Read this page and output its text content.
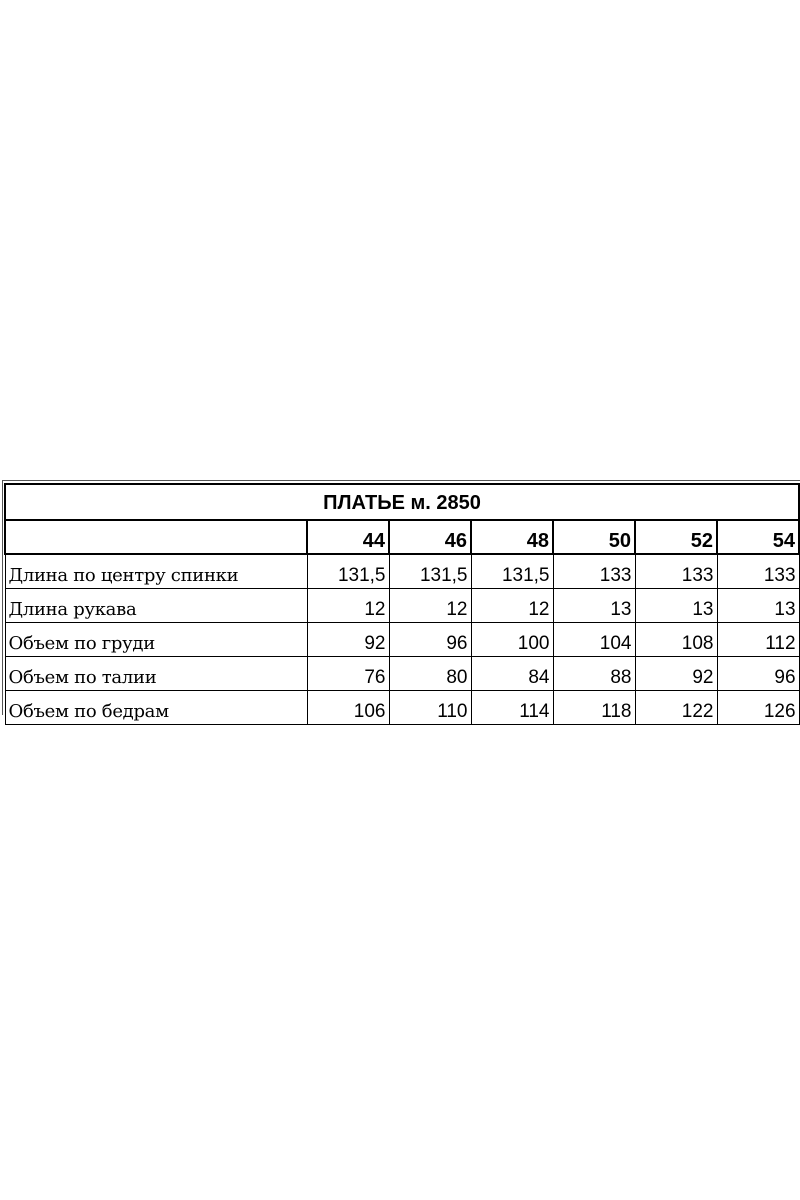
ПЛАТЬЕ м. 2850						
	44	46	48	50	52	54
Длина по центру спинки	131,5	131,5	131,5	133	133	133
Длина рукава	12	12	12	13	13	13
Объем по груди	92	96	100	104	108	112
Объем по талии	76	80	84	88	92	96
Объем по бедрам	106	110	114	118	122	126
